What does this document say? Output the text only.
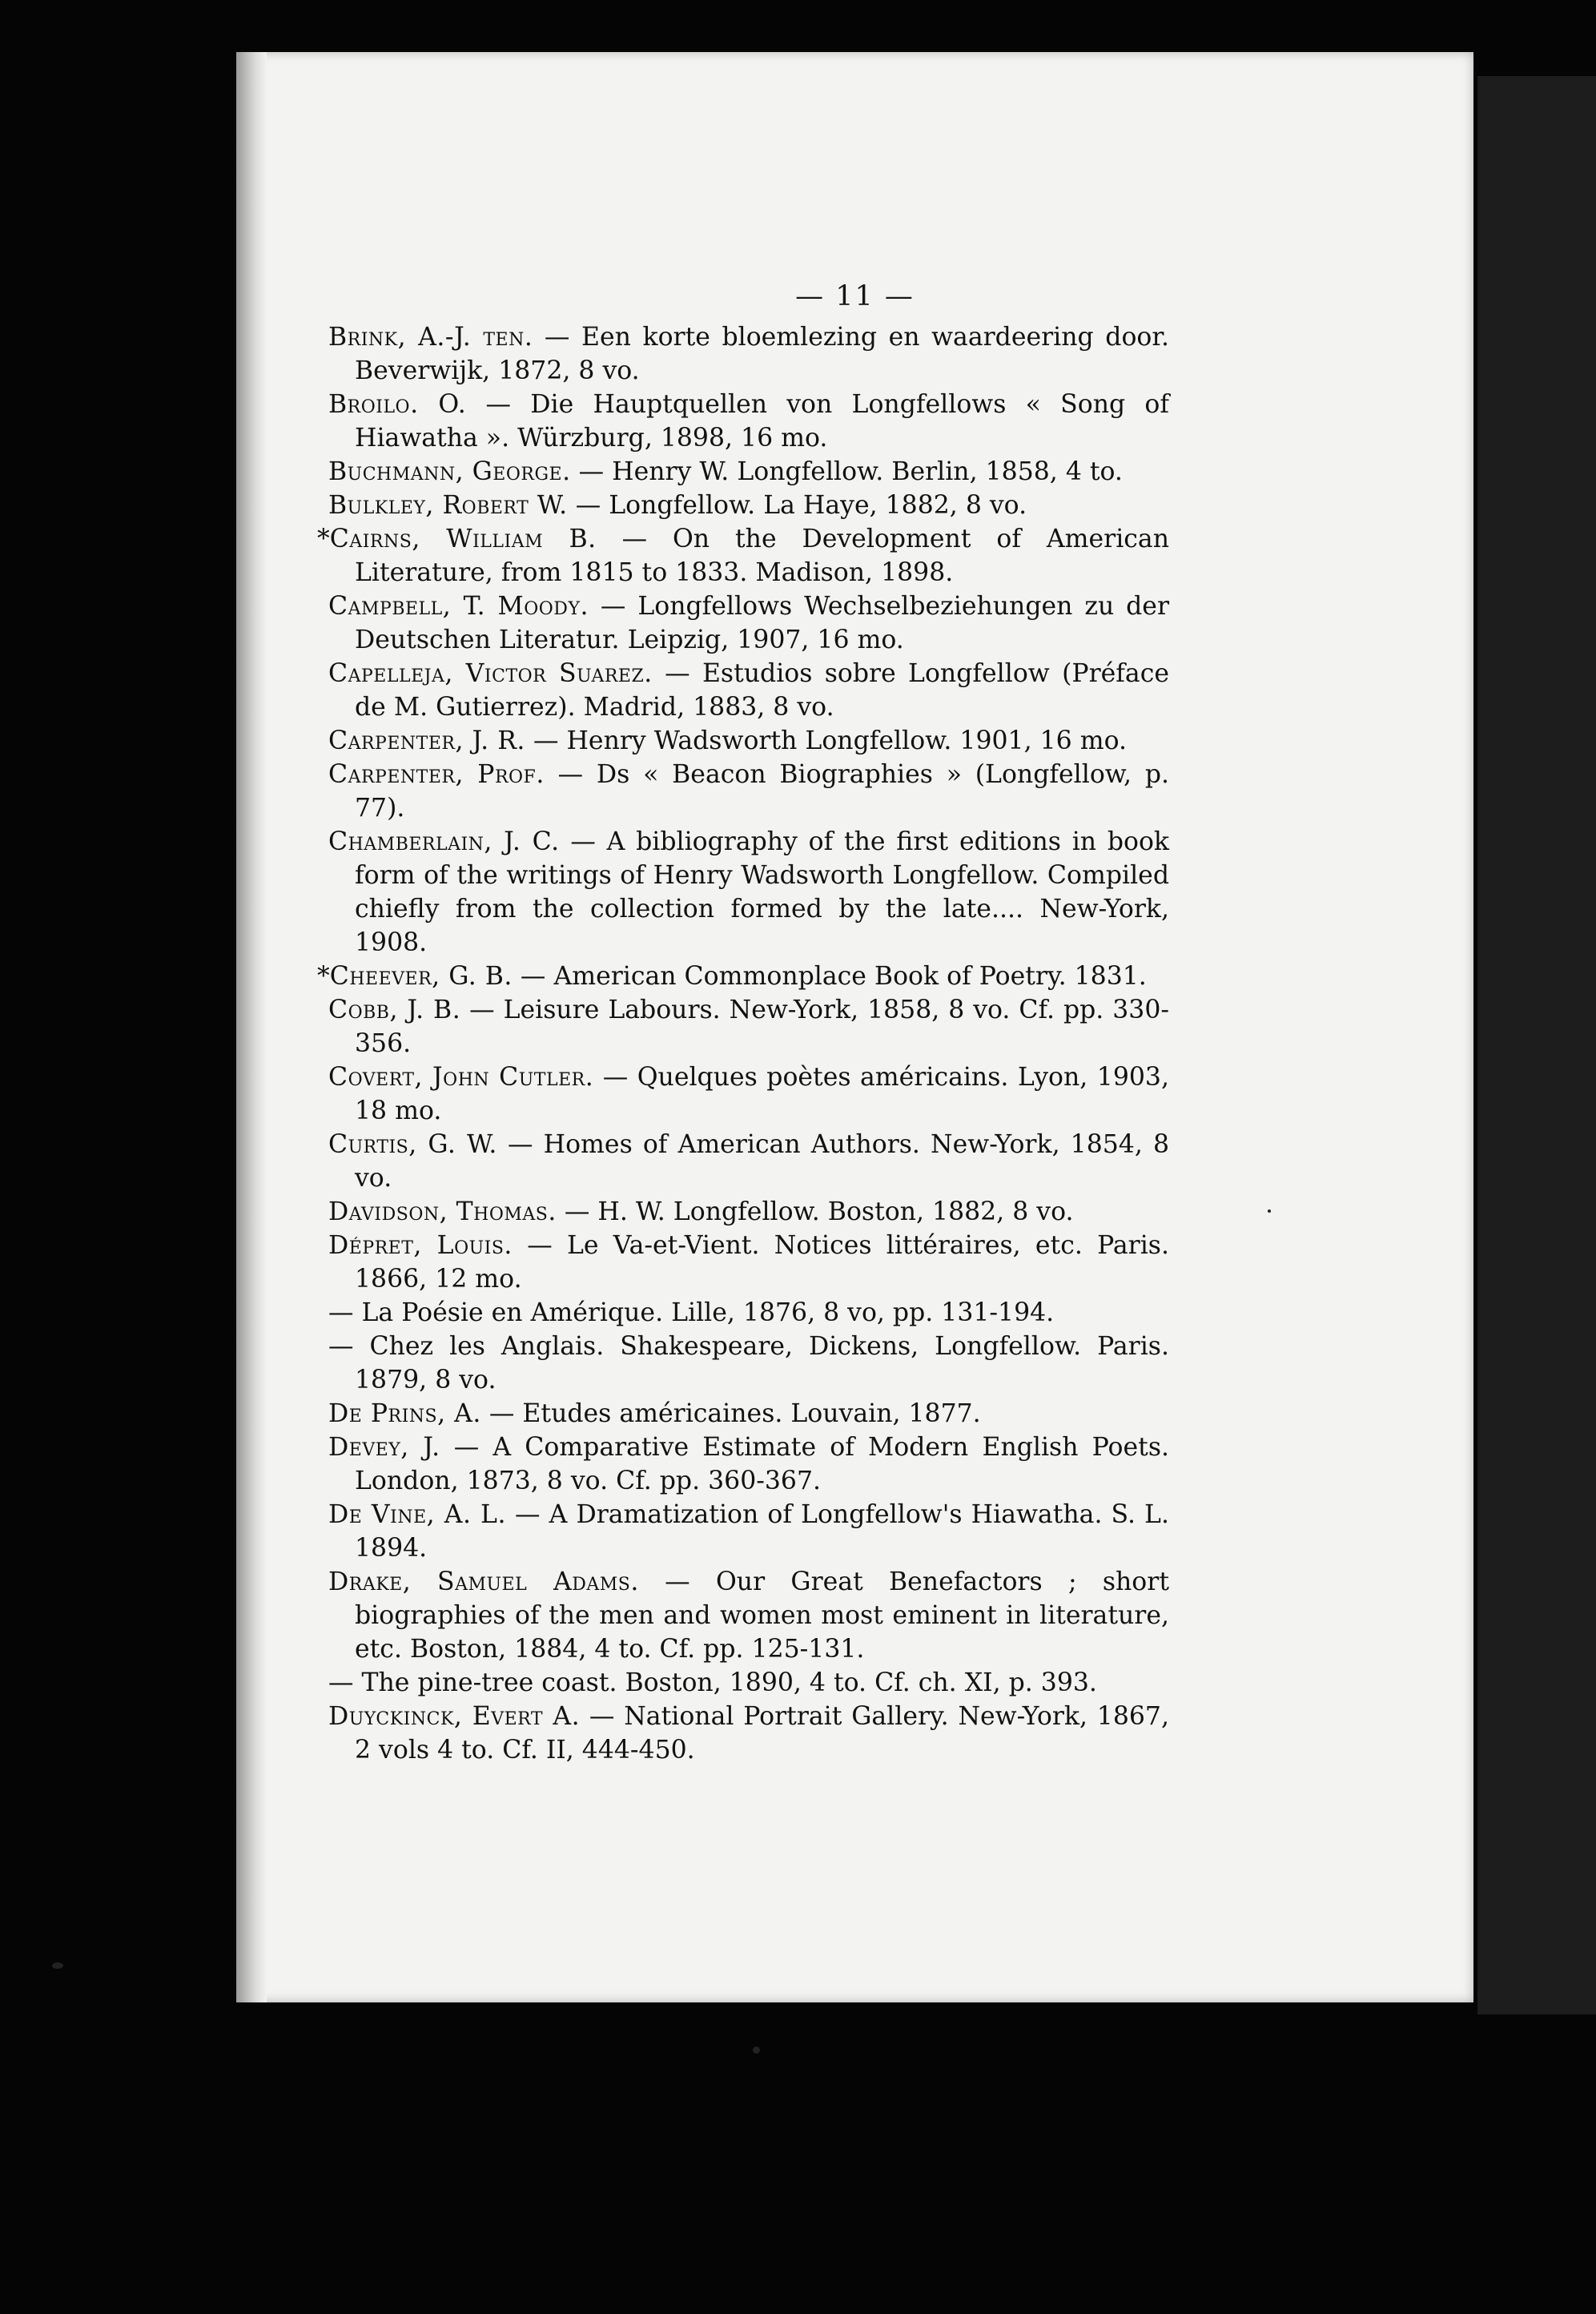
— 11 —
Brink, A.-J. ten. — Een korte bloemlezing en waardeering door. Beverwijk, 1872, 8 vo.
Broilo. O. — Die Hauptquellen von Longfellows « Song of Hiawatha ». Würzburg, 1898, 16 mo.
Buchmann, George. — Henry W. Longfellow. Berlin, 1858, 4 to.
Bulkley, Robert W. — Longfellow. La Haye, 1882, 8 vo.
*Cairns, William B. — On the Development of American Literature, from 1815 to 1833. Madison, 1898.
Campbell, T. Moody. — Longfellows Wechselbeziehungen zu der Deutschen Literatur. Leipzig, 1907, 16 mo.
Capelleja, Victor Suarez. — Estudios sobre Longfellow (Préface de M. Gutierrez). Madrid, 1883, 8 vo.
Carpenter, J. R. — Henry Wadsworth Longfellow. 1901, 16 mo.
Carpenter, Prof. — Ds « Beacon Biographies » (Longfellow, p. 77).
Chamberlain, J. C. — A bibliography of the first editions in book form of the writings of Henry Wadsworth Longfellow. Compiled chiefly from the collection formed by the late.... New-York, 1908.
*Cheever, G. B. — American Commonplace Book of Poetry. 1831.
Cobb, J. B. — Leisure Labours. New-York, 1858, 8 vo. Cf. pp. 330-356.
Covert, John Cutler. — Quelques poètes américains. Lyon, 1903, 18 mo.
Curtis, G. W. — Homes of American Authors. New-York, 1854, 8 vo.
Davidson, Thomas. — H. W. Longfellow. Boston, 1882, 8 vo.
Dépret, Louis. — Le Va-et-Vient. Notices littéraires, etc. Paris. 1866, 12 mo.
— La Poésie en Amérique. Lille, 1876, 8 vo, pp. 131-194.
— Chez les Anglais. Shakespeare, Dickens, Longfellow. Paris. 1879, 8 vo.
De Prins, A. — Etudes américaines. Louvain, 1877.
Devey, J. — A Comparative Estimate of Modern English Poets. London, 1873, 8 vo. Cf. pp. 360-367.
De Vine, A. L. — A Dramatization of Longfellow's Hiawatha. S. L. 1894.
Drake, Samuel Adams. — Our Great Benefactors ; short biographies of the men and women most eminent in literature, etc. Boston, 1884, 4 to. Cf. pp. 125-131.
— The pine-tree coast. Boston, 1890, 4 to. Cf. ch. XI, p. 393.
Duyckinck, Evert A. — National Portrait Gallery. New-York, 1867, 2 vols 4 to. Cf. II, 444-450.
